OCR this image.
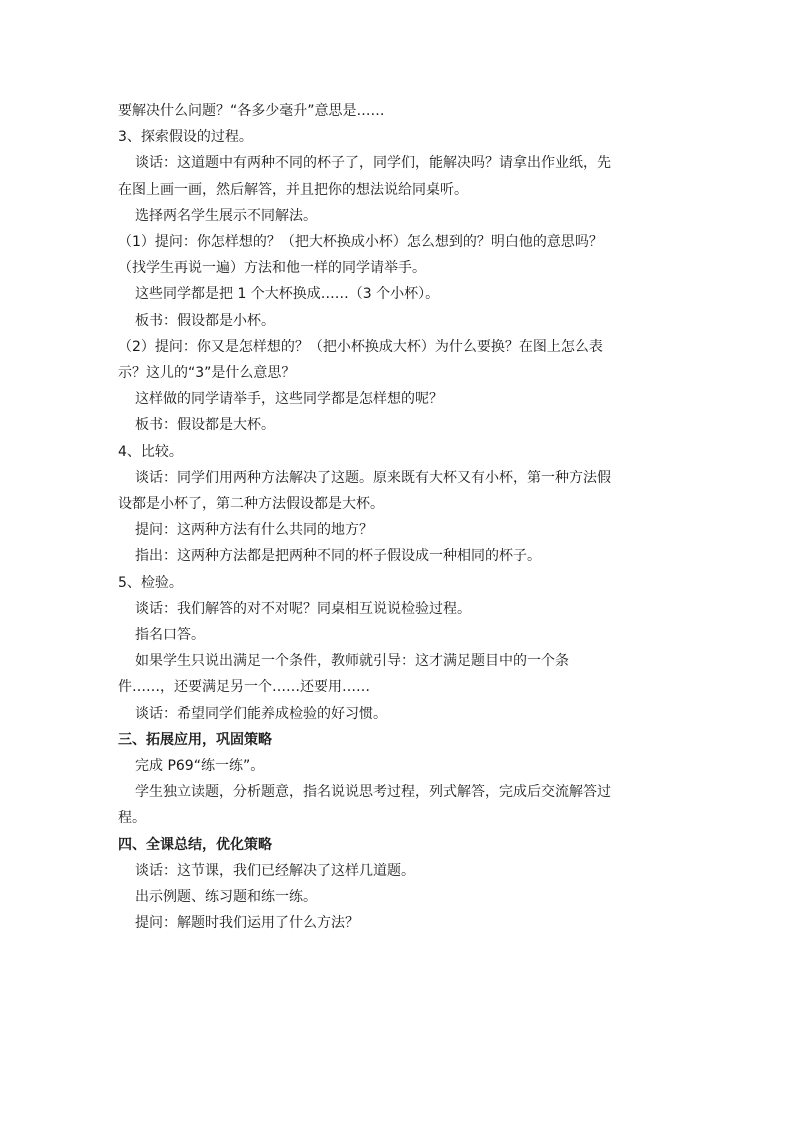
要解决什么问题？“各多少毫升”意思是……
3、探索假设的过程。
谈话：这道题中有两种不同的杯子了，同学们，能解决吗？请拿出作业纸，先
在图上画一画，然后解答，并且把你的想法说给同桌听。
选择两名学生展示不同解法。
（1）提问：你怎样想的？（把大杯换成小杯）怎么想到的？明白他的意思吗？
（找学生再说一遍）方法和他一样的同学请举手。
这些同学都是把 1 个大杯换成……（3 个小杯）。
板书：假设都是小杯。
（2）提问：你又是怎样想的？（把小杯换成大杯）为什么要换？在图上怎么表
示？这儿的“3”是什么意思？
这样做的同学请举手，这些同学都是怎样想的呢？
板书：假设都是大杯。
4、比较。
谈话：同学们用两种方法解决了这题。原来既有大杯又有小杯，第一种方法假
设都是小杯了，第二种方法假设都是大杯。
提问：这两种方法有什么共同的地方？
指出：这两种方法都是把两种不同的杯子假设成一种相同的杯子。
5、检验。
谈话：我们解答的对不对呢？同桌相互说说检验过程。
指名口答。
如果学生只说出满足一个条件，教师就引导：这才满足题目中的一个条
件……，还要满足另一个……还要用……
谈话：希望同学们能养成检验的好习惯。
三、拓展应用，巩固策略
完成 P69“练一练”。
学生独立读题，分析题意，指名说说思考过程，列式解答，完成后交流解答过
程。
四、全课总结，优化策略
谈话：这节课，我们已经解决了这样几道题。
出示例题、练习题和练一练。
提问：解题时我们运用了什么方法？
